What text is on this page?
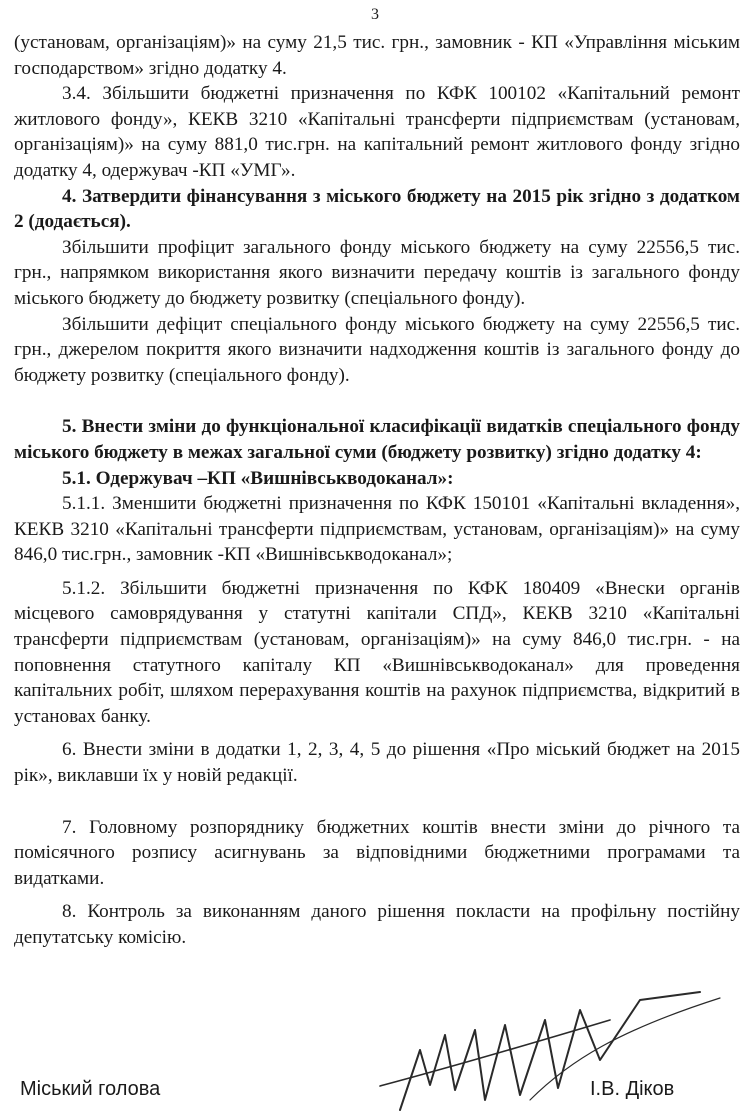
3

(установам, організаціям)» на суму 21,5 тис. грн., замовник - КП «Управління міським господарством» згідно додатку 4.

3.4. Збільшити бюджетні призначення по КФК 100102 «Капітальний ремонт житлового фонду», КЕКВ 3210 «Капітальні трансферти підприємствам (установам, організаціям)» на суму 881,0 тис.грн. на капітальний ремонт житлового фонду згідно додатку 4, одержувач -КП «УМГ».

4. Затвердити фінансування з міського бюджету на 2015 рік згідно з додатком 2 (додається).

Збільшити профіцит загального фонду міського бюджету на суму 22556,5 тис. грн., напрямком використання якого визначити передачу коштів із загального фонду міського бюджету до бюджету розвитку (спеціального фонду).

Збільшити дефіцит спеціального фонду міського бюджету на суму 22556,5 тис. грн., джерелом покриття якого визначити надходження коштів із загального фонду до бюджету розвитку (спеціального фонду).

5. Внести зміни до функціональної класифікації видатків спеціального фонду міського бюджету в межах загальної суми (бюджету розвитку) згідно додатку 4:

5.1. Одержувач –КП «Вишнівськводоканал»:

5.1.1. Зменшити бюджетні призначення по КФК 150101 «Капітальні вкладення», КЕКВ 3210 «Капітальні трансферти підприємствам, установам, організаціям)» на суму 846,0 тис.грн., замовник -КП «Вишнівськводоканал»;

5.1.2. Збільшити бюджетні призначення по КФК 180409 «Внески органів місцевого самоврядування у статутні капітали СПД», КЕКВ 3210 «Капітальні трансферти підприємствам (установам, організаціям)» на суму 846,0 тис.грн. - на поповнення статутного капіталу КП «Вишнівськводоканал» для проведення капітальних робіт, шляхом перерахування коштів на рахунок підприємства, відкритий в установах банку.

6. Внести зміни в додатки 1, 2, 3, 4, 5 до рішення «Про міський бюджет на 2015 рік», виклавши їх у новій редакції.

7. Головному розпоряднику бюджетних коштів внести зміни до річного та помісячного розпису асигнувань за відповідними бюджетними програмами та видатками.

8. Контроль за виконанням даного рішення покласти на профільну постійну депутатську комісію.

Міський голова	І.В. Діков
